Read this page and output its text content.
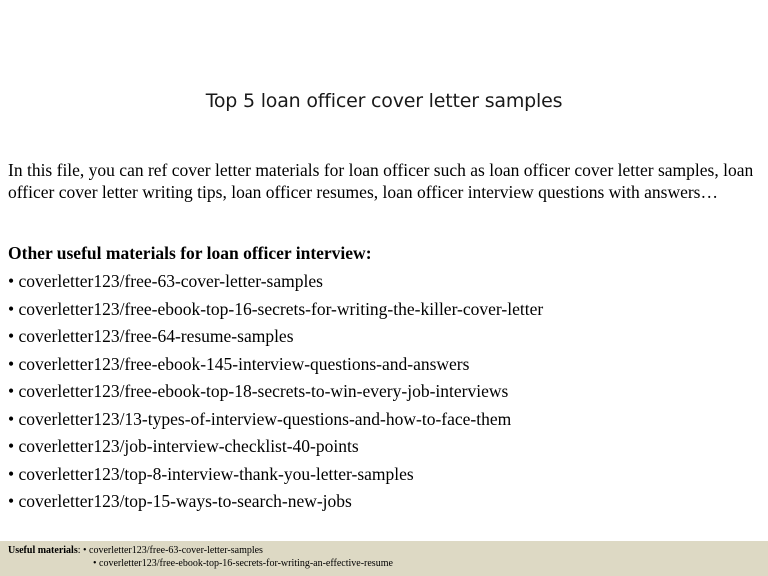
Top 5 loan officer cover letter samples
In this file, you can ref cover letter materials for loan officer such as loan officer cover letter samples, loan officer cover letter writing tips, loan officer resumes, loan officer interview questions with answers…
Other useful materials for loan officer interview:
• coverletter123/free-63-cover-letter-samples
• coverletter123/free-ebook-top-16-secrets-for-writing-the-killer-cover-letter
• coverletter123/free-64-resume-samples
• coverletter123/free-ebook-145-interview-questions-and-answers
• coverletter123/free-ebook-top-18-secrets-to-win-every-job-interviews
• coverletter123/13-types-of-interview-questions-and-how-to-face-them
• coverletter123/job-interview-checklist-40-points
• coverletter123/top-8-interview-thank-you-letter-samples
• coverletter123/top-15-ways-to-search-new-jobs
Useful materials: • coverletter123/free-63-cover-letter-samples
• coverletter123/free-ebook-top-16-secrets-for-writing-an-effective-resume
